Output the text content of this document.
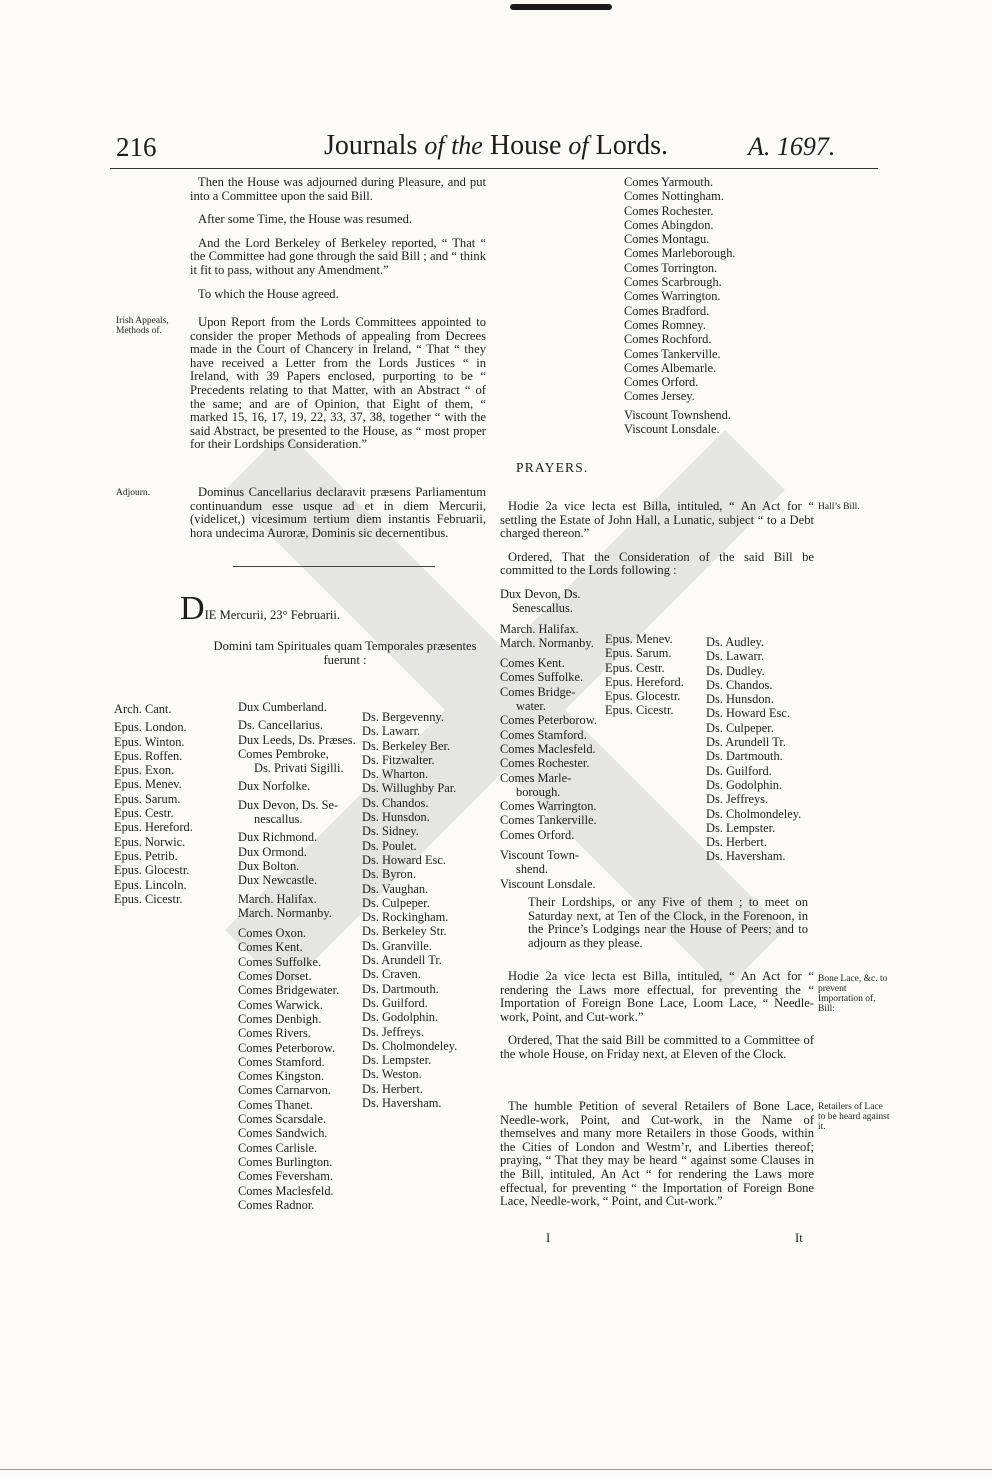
216	Journals of the House of Lords.	A. 1697.

Then the House was adjourned during Pleasure, and put into a Committee upon the said Bill.

After some Time, the House was resumed.

And the Lord Berkeley of Berkeley reported, “ That “ the Committee had gone through the said Bill ; and “ think it fit to pass, without any Amendment.”

To which the House agreed.

Irish Appeals, Methods of.

Upon Report from the Lords Committees appointed to consider the proper Methods of appealing from Decrees made in the Court of Chancery in Ireland, “ That “ they have received a Letter from the Lords Justices “ in Ireland, with 39 Papers enclosed, purporting to be “ Precedents relating to that Matter, with an Abstract “ of the same; and are of Opinion, that Eight of them, “ marked 15, 16, 17, 19, 22, 33, 37, 38, together “ with the said Abstract, be presented to the House, as “ most proper for their Lordships Consideration.”

Adjourn.	Dominus Cancellarius declaravit præsens Parliamentum continuandum esse usque ad et in diem Mercurii, (videlicet,) vicesimum tertium diem instantis Februarii, hora undecima Auroræ, Dominis sic decernentibus.

DIE Mercurii, 23° Februarii.
Domini tam Spirituales quam Temporales præsentes fuerunt :
Arch. Cant.
Epus. London.
Epus. Winton.
Epus. Roffen.
Epus. Exon.
Epus. Menev.
Epus. Sarum.
Epus. Cestr.
Epus. Hereford.
Epus. Norwic.
Epus. Petrib.
Epus. Glocestr.
Epus. Lincoln.
Epus. Cicestr.
Dux Cumberland.
Ds. Cancellarius.
Dux Leeds, Ds. Præses.
Comes Pembroke,
Ds. Privati Sigilli.
Dux Norfolke.
Dux Devon, Ds. Se-
nescallus.
Dux Richmond.
Dux Ormond.
Dux Bolton.
Dux Newcastle.
March. Halifax.
March. Normanby.
Comes Oxon.
Comes Kent.
Comes Suffolke.
Comes Dorset.
Comes Bridgewater.
Comes Warwick.
Comes Denbigh.
Comes Rivers.
Comes Peterborow.
Comes Stamford.
Comes Kingston.
Comes Carnarvon.
Comes Thanet.
Comes Scarsdale.
Comes Sandwich.
Comes Carlisle.
Comes Burlington.
Comes Feversham.
Comes Maclesfeld.
Comes Radnor.
Ds. Bergevenny.
Ds. Lawarr.
Ds. Berkeley Ber.
Ds. Fitzwalter.
Ds. Wharton.
Ds. Willughby Par.
Ds. Chandos.
Ds. Hunsdon.
Ds. Sidney.
Ds. Poulet.
Ds. Howard Esc.
Ds. Byron.
Ds. Vaughan.
Ds. Culpeper.
Ds. Rockingham.
Ds. Berkeley Str.
Ds. Granville.
Ds. Arundell Tr.
Ds. Craven.
Ds. Dartmouth.
Ds. Guilford.
Ds. Godolphin.
Ds. Jeffreys.
Ds. Cholmondeley.
Ds. Lempster.
Ds. Weston.
Ds. Herbert.
Ds. Haversham.
Comes Yarmouth.
Comes Nottingham.
Comes Rochester.
Comes Abingdon.
Comes Montagu.
Comes Marleborough.
Comes Torrington.
Comes Scarbrough.
Comes Warrington.
Comes Bradford.
Comes Romney.
Comes Rochford.
Comes Tankerville.
Comes Albemarle.
Comes Orford.
Comes Jersey.
Viscount Townshend.
Viscount Lonsdale.
PRAYERS.

Hodie 2a vice lecta est Billa, intituled, “ An Act for “ settling the Estate of John Hall, a Lunatic, subject “ to a Debt charged thereon.”

Ordered, That the Consideration of the said Bill be committed to the Lords following :

Hall’s Bill.
Dux Devon, Ds.
Senescallus.
March. Halifax.
March. Normanby.
Comes Kent.
Comes Suffolke.
Comes Bridge-
water.
Comes Peterborow.
Comes Stamford.
Comes Maclesfeld.
Comes Rochester.
Comes Marle-
borough.
Comes Warrington.
Comes Tankerville.
Comes Orford.
Viscount Town-
shend.
Viscount Lonsdale.
Epus. Menev.
Epus. Sarum.
Epus. Cestr.
Epus. Hereford.
Epus. Glocestr.
Epus. Cicestr.
Ds. Audley.
Ds. Lawarr.
Ds. Dudley.
Ds. Chandos.
Ds. Hunsdon.
Ds. Howard Esc.
Ds. Culpeper.
Ds. Arundell Tr.
Ds. Dartmouth.
Ds. Guilford.
Ds. Godolphin.
Ds. Jeffreys.
Ds. Cholmondeley.
Ds. Lempster.
Ds. Herbert.
Ds. Haversham.

Their Lordships, or any Five of them ; to meet on Saturday next, at Ten of the Clock, in the Forenoon, in the Prince’s Lodgings near the House of Peers; and to adjourn as they please.

Hodie 2a vice lecta est Billa, intituled, “ An Act for “ rendering the Laws more effectual, for preventing the “ Importation of Foreign Bone Lace, Loom Lace, “ Needle-work, Point, and Cut-work.”

Ordered, That the said Bill be committed to a Committee of the whole House, on Friday next, at Eleven of the Clock.

Bone Lace, &c. to prevent Importation of, Bill:

The humble Petition of several Retailers of Bone Lace, Needle-work, Point, and Cut-work, in the Name of themselves and many more Retailers in those Goods, within the Cities of London and Westm’r, and Liberties thereof; praying, “ That they may be heard “ against some Clauses in the Bill, intituled, An Act “ for rendering the Laws more effectual, for preventing “ the Importation of Foreign Bone Lace, Needle-work, “ Point, and Cut-work.”

Retailers of Lace to be heard against it.
I	It
